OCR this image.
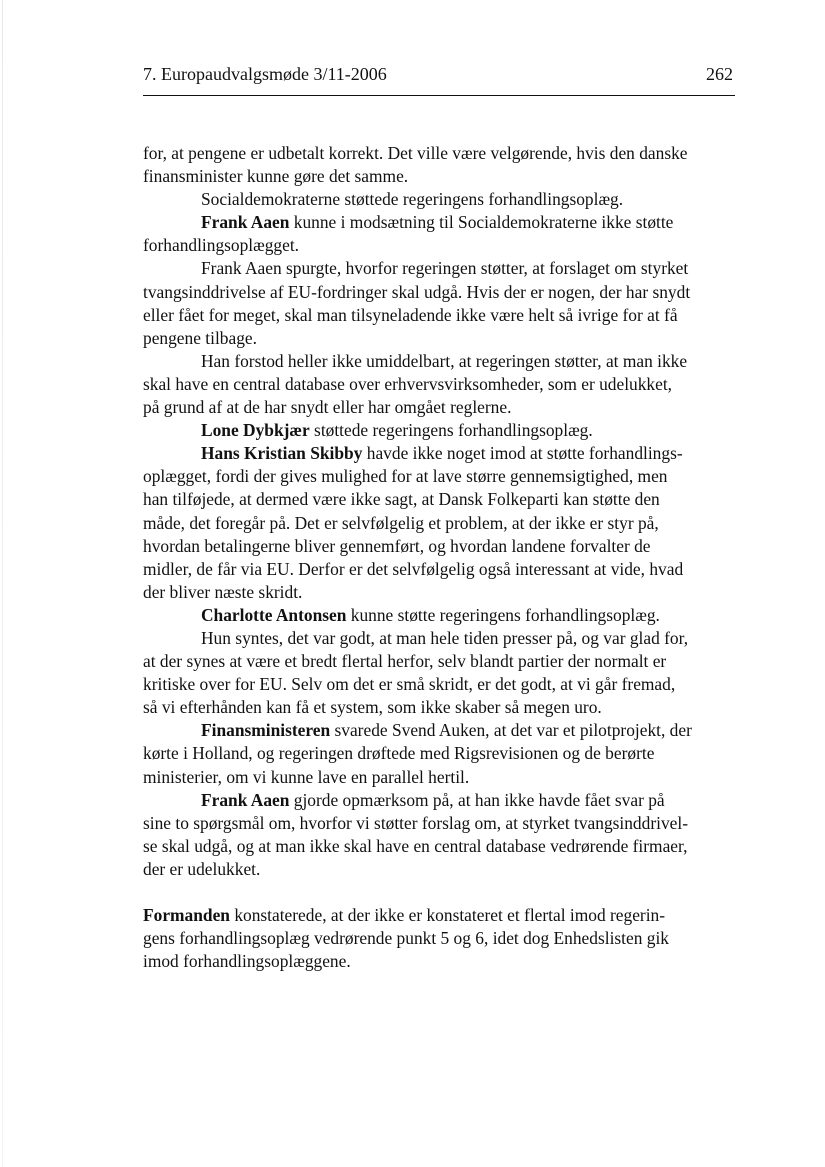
7. Europaudvalgsmøde 3/11-2006	262
for, at pengene er udbetalt korrekt. Det ville være velgørende, hvis den danske
finansminister kunne gøre det samme.
Socialdemokraterne støttede regeringens forhandlingsoplæg.
Frank Aaen kunne i modsætning til Socialdemokraterne ikke støtte
forhandlingsoplægget.
Frank Aaen spurgte, hvorfor regeringen støtter, at forslaget om styrket
tvangsinddrivelse af EU-fordringer skal udgå. Hvis der er nogen, der har snydt
eller fået for meget, skal man tilsyneladende ikke være helt så ivrige for at få
pengene tilbage.
Han forstod heller ikke umiddelbart, at regeringen støtter, at man ikke
skal have en central database over erhvervsvirksomheder, som er udelukket,
på grund af at de har snydt eller har omgået reglerne.
Lone Dybkjær støttede regeringens forhandlingsoplæg.
Hans Kristian Skibby havde ikke noget imod at støtte forhandlings-
oplægget, fordi der gives mulighed for at lave større gennemsigtighed, men
han tilføjede, at dermed være ikke sagt, at Dansk Folkeparti kan støtte den
måde, det foregår på. Det er selvfølgelig et problem, at der ikke er styr på,
hvordan betalingerne bliver gennemført, og hvordan landene forvalter de
midler, de får via EU. Derfor er det selvfølgelig også interessant at vide, hvad
der bliver næste skridt.
Charlotte Antonsen kunne støtte regeringens forhandlingsoplæg.
Hun syntes, det var godt, at man hele tiden presser på, og var glad for,
at der synes at være et bredt flertal herfor, selv blandt partier der normalt er
kritiske over for EU. Selv om det er små skridt, er det godt, at vi går fremad,
så vi efterhånden kan få et system, som ikke skaber så megen uro.
Finansministeren svarede Svend Auken, at det var et pilotprojekt, der
kørte i Holland, og regeringen drøftede med Rigsrevisionen og de berørte
ministerier, om vi kunne lave en parallel hertil.
Frank Aaen gjorde opmærksom på, at han ikke havde fået svar på
sine to spørgsmål om, hvorfor vi støtter forslag om, at styrket tvangsinddrivel-
se skal udgå, og at man ikke skal have en central database vedrørende firmaer,
der er udelukket.
Formanden konstaterede, at der ikke er konstateret et flertal imod regerin-
gens forhandlingsoplæg vedrørende punkt 5 og 6, idet dog Enhedslisten gik
imod forhandlingsoplæggene.
